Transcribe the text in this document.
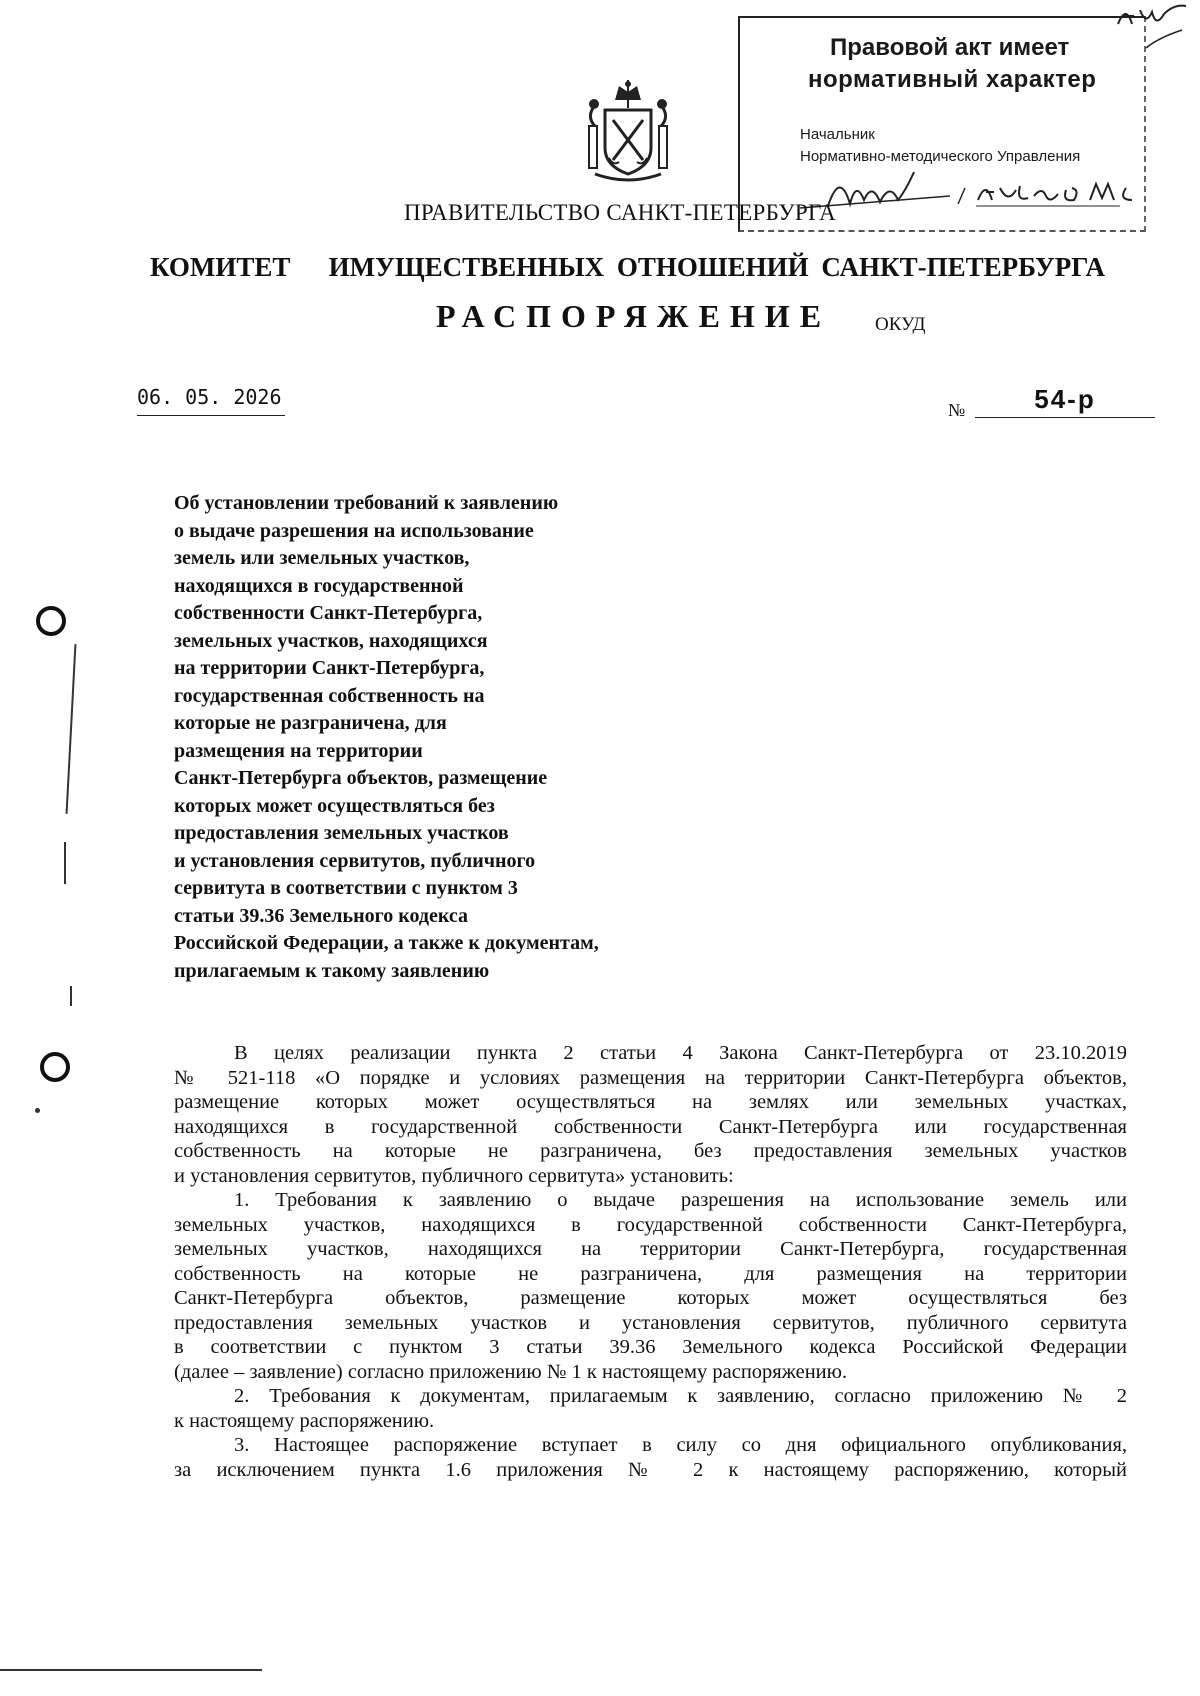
Правовой акт имеет
нормативный характер
Начальник
Нормативно-методического Управления
ПРАВИТЕЛЬСТВО САНКТ-ПЕТЕРБУРГА
КОМИТЕТ   ИМУЩЕСТВЕННЫХ ОТНОШЕНИЙ САНКТ-ПЕТЕРБУРГА
РАСПОРЯЖЕНИЕ ОКУД
06. 05. 2026
№	54-р
Об установлении требований к заявлению
о выдаче разрешения на использование
земель или земельных участков,
находящихся в государственной
собственности Санкт-Петербурга,
земельных участков, находящихся
на территории Санкт-Петербурга,
государственная собственность на
которые не разграничена, для
размещения на территории
Санкт-Петербурга объектов, размещение
которых может осуществляться без
предоставления земельных участков
и установления сервитутов, публичного
сервитута в соответствии с пунктом 3
статьи 39.36 Земельного кодекса
Российской Федерации, а также к документам,
прилагаемым к такому заявлению
В целях реализации пункта 2 статьи 4 Закона Санкт-Петербурга от 23.10.2019
№ 521-118 «О порядке и условиях размещения на территории Санкт-Петербурга объектов,
размещение которых может осуществляться на землях или земельных участках,
находящихся в государственной собственности Санкт-Петербурга или государственная
собственность на которые не разграничена, без предоставления земельных участков
и установления сервитутов, публичного сервитута» установить:
1. Требования к заявлению о выдаче разрешения на использование земель или
земельных участков, находящихся в государственной собственности Санкт-Петербурга,
земельных участков, находящихся на территории Санкт-Петербурга, государственная
собственность на которые не разграничена, для размещения на территории
Санкт-Петербурга объектов, размещение которых может осуществляться без
предоставления земельных участков и установления сервитутов, публичного сервитута
в соответствии с пунктом 3 статьи 39.36 Земельного кодекса Российской Федерации
(далее – заявление) согласно приложению № 1 к настоящему распоряжению.
2. Требования к документам, прилагаемым к заявлению, согласно приложению № 2
к настоящему распоряжению.
3. Настоящее распоряжение вступает в силу со дня официального опубликования,
за исключением пункта 1.6 приложения № 2 к настоящему распоряжению, который
